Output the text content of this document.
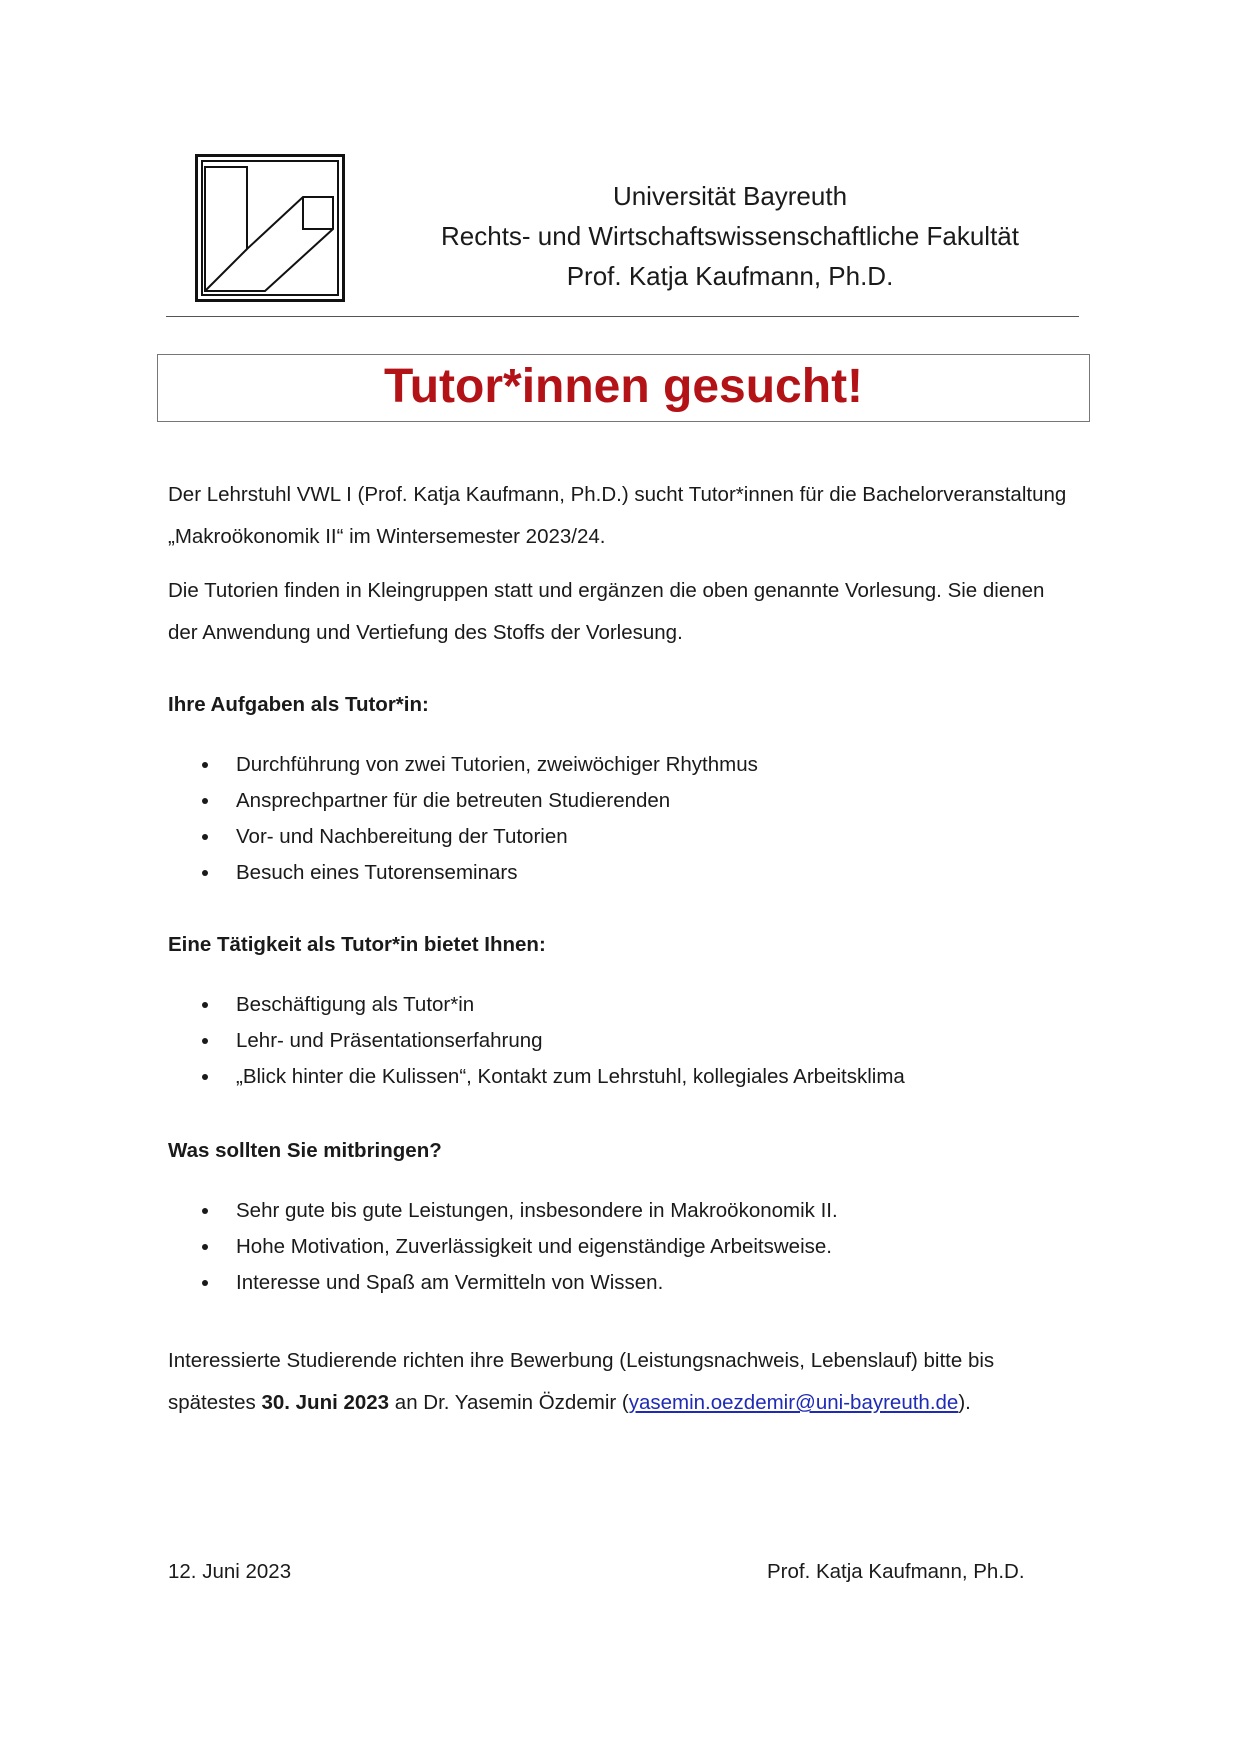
Universität Bayreuth
Rechts- und Wirtschaftswissenschaftliche Fakultät
Prof. Katja Kaufmann, Ph.D.
Tutor*innen gesucht!

Der Lehrstuhl VWL I (Prof. Katja Kaufmann, Ph.D.) sucht Tutor*innen für die Bachelorveranstaltung
„Makroökonomik II“ im Wintersemester 2023/24.

Die Tutorien finden in Kleingruppen statt und ergänzen die oben genannte Vorlesung. Sie dienen
der Anwendung und Vertiefung des Stoffs der Vorlesung.

Ihre Aufgaben als Tutor*in:

Durchführung von zwei Tutorien, zweiwöchiger Rhythmus
Ansprechpartner für die betreuten Studierenden
Vor- und Nachbereitung der Tutorien
Besuch eines Tutorenseminars

Eine Tätigkeit als Tutor*in bietet Ihnen:

Beschäftigung als Tutor*in
Lehr- und Präsentationserfahrung
„Blick hinter die Kulissen“, Kontakt zum Lehrstuhl, kollegiales Arbeitsklima

Was sollten Sie mitbringen?

Sehr gute bis gute Leistungen, insbesondere in Makroökonomik II.
Hohe Motivation, Zuverlässigkeit und eigenständige Arbeitsweise.
Interesse und Spaß am Vermitteln von Wissen.

Interessierte Studierende richten ihre Bewerbung (Leistungsnachweis, Lebenslauf) bitte bis
spätestes 30. Juni 2023 an Dr. Yasemin Özdemir (yasemin.oezdemir@uni-bayreuth.de).

12. Juni 2023	Prof. Katja Kaufmann, Ph.D.
